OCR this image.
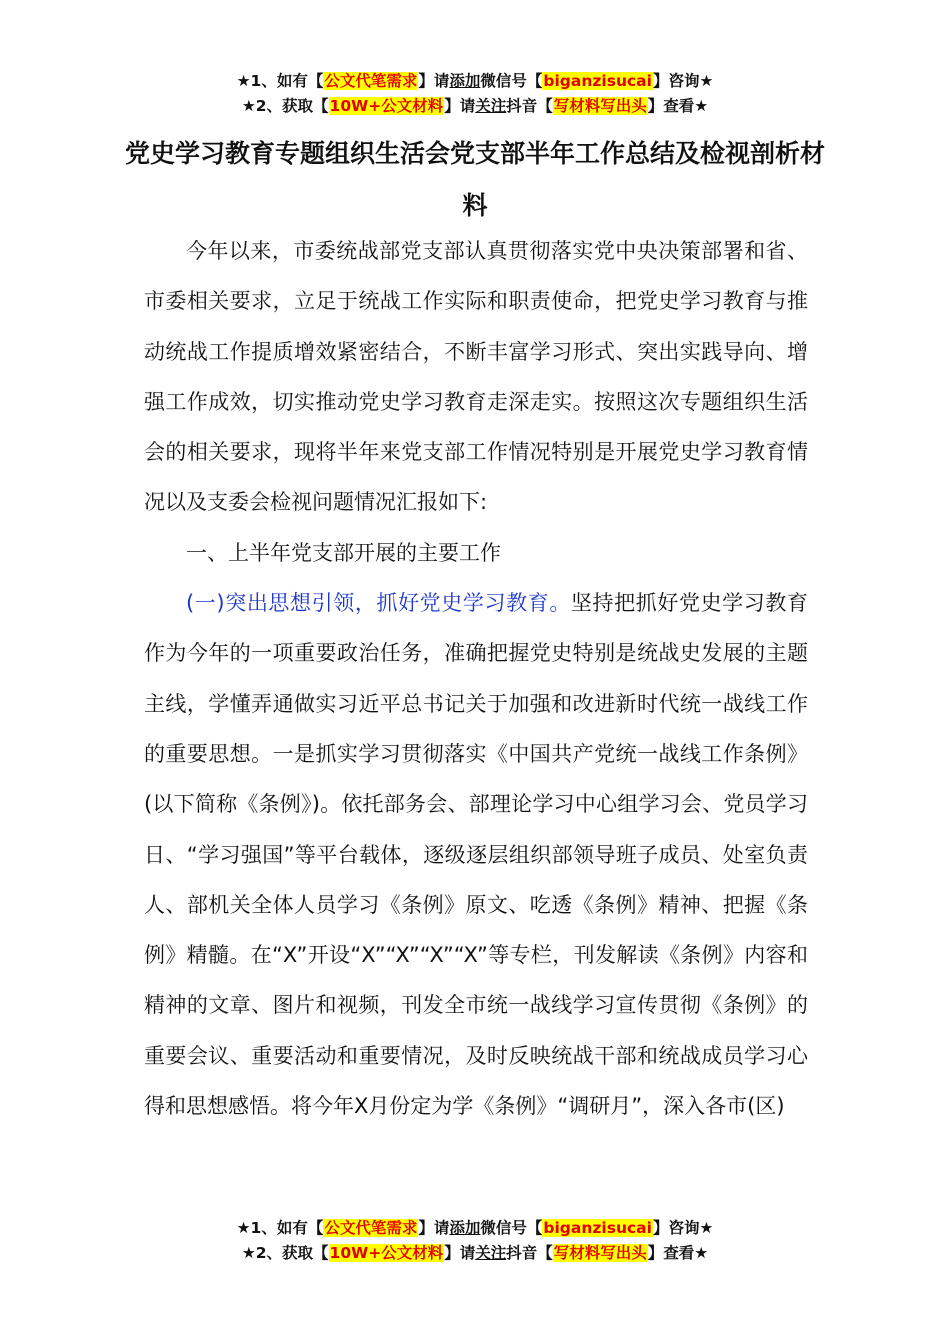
★1、如有【公文代笔需求】请添加微信号【biganzisucai】咨询★
★2、获取【10W+公文材料】请关注抖音【写材料写出头】查看★
党史学习教育专题组织生活会党支部半年工作总结及检视剖析材料

今年以来，市委统战部党支部认真贯彻落实党中央决策部署和省、市委相关要求，立足于统战工作实际和职责使命，把党史学习教育与推动统战工作提质增效紧密结合，不断丰富学习形式、突出实践导向、增强工作成效，切实推动党史学习教育走深走实。按照这次专题组织生活会的相关要求，现将半年来党支部工作情况特别是开展党史学习教育情况以及支委会检视问题情况汇报如下:

一、上半年党支部开展的主要工作

(一)突出思想引领，抓好党史学习教育。坚持把抓好党史学习教育作为今年的一项重要政治任务，准确把握党史特别是统战史发展的主题主线，学懂弄通做实习近平总书记关于加强和改进新时代统一战线工作的重要思想。一是抓实学习贯彻落实《中国共产党统一战线工作条例》(以下简称《条例》)。依托部务会、部理论学习中心组学习会、党员学习日、“学习强国”等平台载体，逐级逐层组织部领导班子成员、处室负责人、部机关全体人员学习《条例》原文、吃透《条例》精神、把握《条例》精髓。在“X”开设“X”“X”“X”“X”等专栏，刊发解读《条例》内容和精神的文章、图片和视频，刊发全市统一战线学习宣传贯彻《条例》的重要会议、重要活动和重要情况，及时反映统战干部和统战成员学习心得和思想感悟。将今年X月份定为学《条例》“调研月”，深入各市(区)

★1、如有【公文代笔需求】请添加微信号【biganzisucai】咨询★
★2、获取【10W+公文材料】请关注抖音【写材料写出头】查看★
